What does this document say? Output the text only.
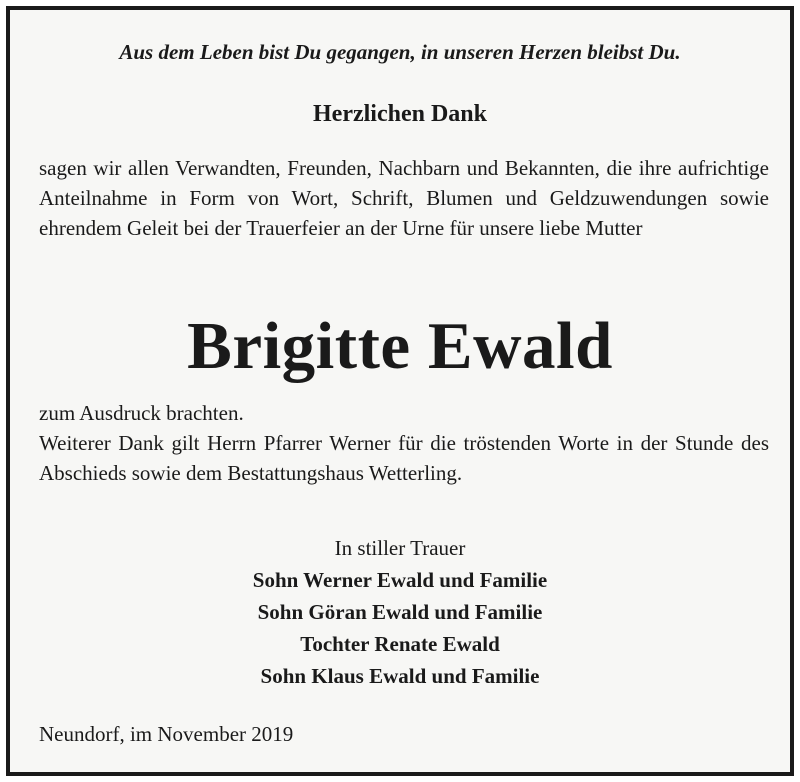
Aus dem Leben bist Du gegangen, in unseren Herzen bleibst Du.
Herzlichen Dank
sagen wir allen Verwandten, Freunden, Nachbarn und Bekannten, die ihre aufrichtige Anteilnahme in Form von Wort, Schrift, Blumen und Geldzuwendungen sowie ehrendem Geleit bei der Trauerfeier an der Urne für unsere liebe Mutter
Brigitte Ewald
zum Ausdruck brachten.
Weiterer Dank gilt Herrn Pfarrer Werner für die tröstenden Worte in der Stunde des Abschieds sowie dem Bestattungshaus Wetterling.
In stiller Trauer
Sohn Werner Ewald und Familie
Sohn Göran Ewald und Familie
Tochter Renate Ewald
Sohn Klaus Ewald und Familie
Neundorf, im November 2019
